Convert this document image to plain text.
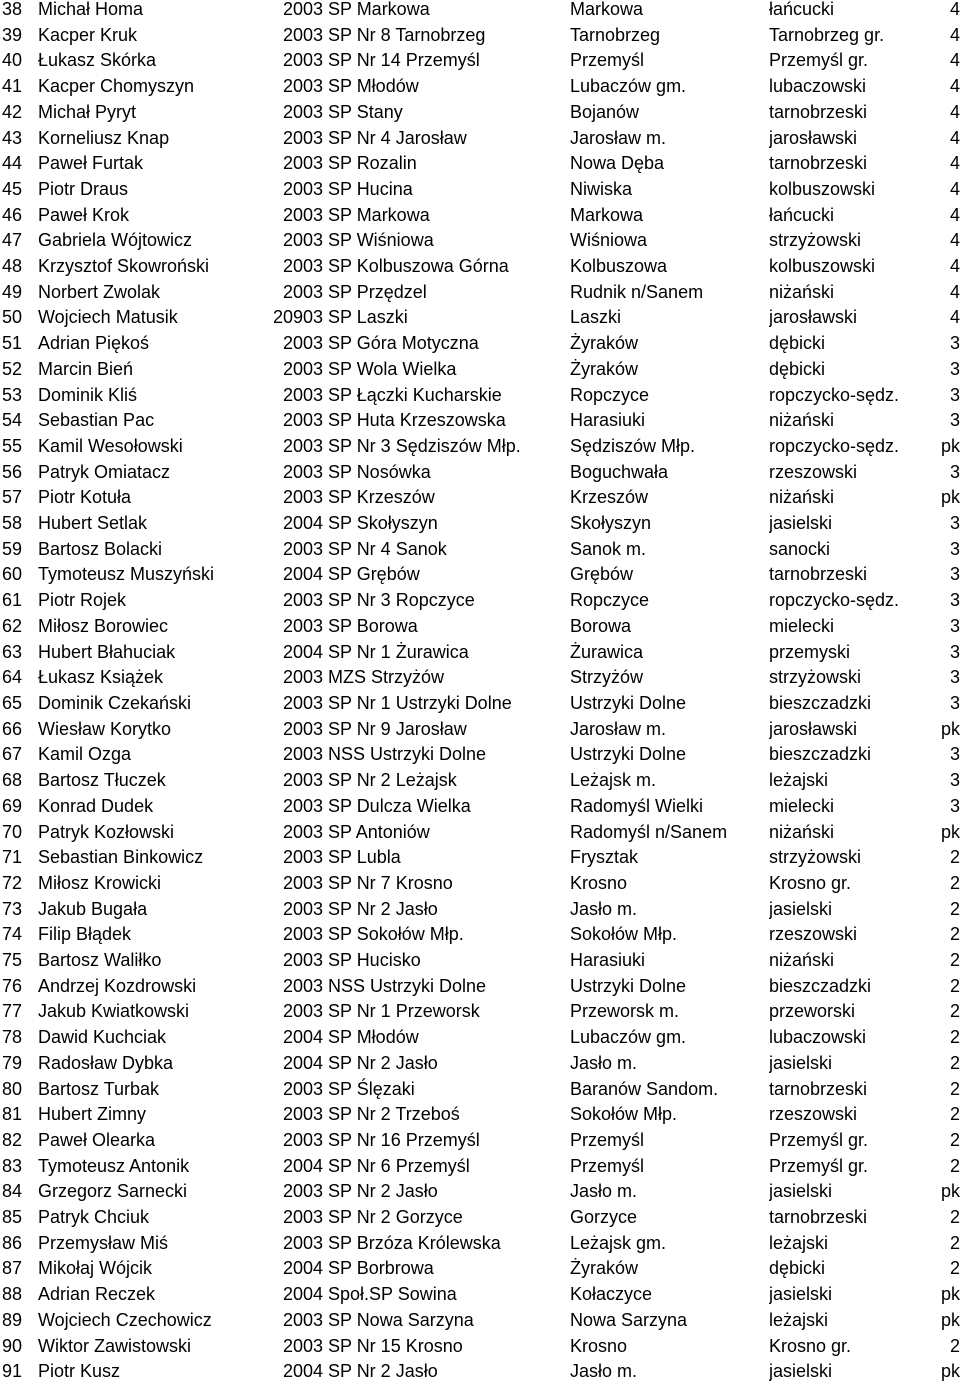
38	Michał Homa	2003	SP Markowa	Markowa	łańcucki	4
39	Kacper Kruk	2003	SP Nr 8 Tarnobrzeg	Tarnobrzeg	Tarnobrzeg gr.	4
40	Łukasz Skórka	2003	SP Nr 14 Przemyśl	Przemyśl	Przemyśl gr.	4
41	Kacper Chomyszyn	2003	SP Młodów	Lubaczów gm.	lubaczowski	4
42	Michał Pyryt	2003	SP Stany	Bojanów	tarnobrzeski	4
43	Korneliusz Knap	2003	SP Nr 4 Jarosław	Jarosław m.	jarosławski	4
44	Paweł Furtak	2003	SP Rozalin	Nowa Dęba	tarnobrzeski	4
45	Piotr Draus	2003	SP Hucina	Niwiska	kolbuszowski	4
46	Paweł Krok	2003	SP Markowa	Markowa	łańcucki	4
47	Gabriela Wójtowicz	2003	SP Wiśniowa	Wiśniowa	strzyżowski	4
48	Krzysztof Skowroński	2003	SP Kolbuszowa Górna	Kolbuszowa	kolbuszowski	4
49	Norbert Zwolak	2003	SP Przędzel	Rudnik n/Sanem	niżański	4
50	Wojciech Matusik	20903	SP Laszki	Laszki	jarosławski	4
51	Adrian Piękoś	2003	SP Góra Motyczna	Żyraków	dębicki	3
52	Marcin Bień	2003	SP Wola Wielka	Żyraków	dębicki	3
53	Dominik Kliś	2003	SP Łączki Kucharskie	Ropczyce	ropczycko-sędz.	3
54	Sebastian Pac	2003	SP Huta Krzeszowska	Harasiuki	niżański	3
55	Kamil Wesołowski	2003	SP Nr 3 Sędziszów Młp.	Sędziszów Młp.	ropczycko-sędz.	pk
56	Patryk Omiatacz	2003	SP Nosówka	Boguchwała	rzeszowski	3
57	Piotr Kotuła	2003	SP Krzeszów	Krzeszów	niżański	pk
58	Hubert Setlak	2004	SP Skołyszyn	Skołyszyn	jasielski	3
59	Bartosz Bolacki	2003	SP Nr 4 Sanok	Sanok m.	sanocki	3
60	Tymoteusz Muszyński	2004	SP Grębów	Grębów	tarnobrzeski	3
61	Piotr Rojek	2003	SP Nr 3 Ropczyce	Ropczyce	ropczycko-sędz.	3
62	Miłosz Borowiec	2003	SP Borowa	Borowa	mielecki	3
63	Hubert Błahuciak	2004	SP Nr 1 Żurawica	Żurawica	przemyski	3
64	Łukasz Książek	2003	MZS Strzyżów	Strzyżów	strzyżowski	3
65	Dominik Czekański	2003	SP Nr 1 Ustrzyki Dolne	Ustrzyki Dolne	bieszczadzki	3
66	Wiesław Korytko	2003	SP Nr 9 Jarosław	Jarosław m.	jarosławski	pk
67	Kamil Ozga	2003	NSS Ustrzyki Dolne	Ustrzyki Dolne	bieszczadzki	3
68	Bartosz Tłuczek	2003	SP Nr 2 Leżajsk	Leżajsk m.	leżajski	3
69	Konrad Dudek	2003	SP Dulcza Wielka	Radomyśl Wielki	mielecki	3
70	Patryk Kozłowski	2003	SP Antoniów	Radomyśl n/Sanem	niżański	pk
71	Sebastian Binkowicz	2003	SP Lubla	Frysztak	strzyżowski	2
72	Miłosz Krowicki	2003	SP Nr 7 Krosno	Krosno	Krosno gr.	2
73	Jakub Bugała	2003	SP Nr 2 Jasło	Jasło m.	jasielski	2
74	Filip Błądek	2003	SP Sokołów Młp.	Sokołów Młp.	rzeszowski	2
75	Bartosz Waliłko	2003	SP Hucisko	Harasiuki	niżański	2
76	Andrzej Kozdrowski	2003	NSS Ustrzyki Dolne	Ustrzyki Dolne	bieszczadzki	2
77	Jakub Kwiatkowski	2003	SP Nr 1 Przeworsk	Przeworsk m.	przeworski	2
78	Dawid Kuchciak	2004	SP Młodów	Lubaczów gm.	lubaczowski	2
79	Radosław Dybka	2004	SP Nr 2 Jasło	Jasło m.	jasielski	2
80	Bartosz Turbak	2003	SP Ślęzaki	Baranów Sandom.	tarnobrzeski	2
81	Hubert Zimny	2003	SP Nr 2 Trzeboś	Sokołów Młp.	rzeszowski	2
82	Paweł Olearka	2003	SP Nr 16 Przemyśl	Przemyśl	Przemyśl gr.	2
83	Tymoteusz Antonik	2004	SP Nr 6 Przemyśl	Przemyśl	Przemyśl gr.	2
84	Grzegorz Sarnecki	2003	SP Nr 2 Jasło	Jasło m.	jasielski	pk
85	Patryk Chciuk	2003	SP Nr 2 Gorzyce	Gorzyce	tarnobrzeski	2
86	Przemysław Miś	2003	SP Brzóza Królewska	Leżajsk gm.	leżajski	2
87	Mikołaj Wójcik	2004	SP Borbrowa	Żyraków	dębicki	2
88	Adrian Reczek	2004	Społ.SP Sowina	Kołaczyce	jasielski	pk
89	Wojciech Czechowicz	2003	SP Nowa Sarzyna	Nowa Sarzyna	leżajski	pk
90	Wiktor Zawistowski	2003	SP Nr 15 Krosno	Krosno	Krosno gr.	2
91	Piotr Kusz	2004	SP Nr 2 Jasło	Jasło m.	jasielski	pk
